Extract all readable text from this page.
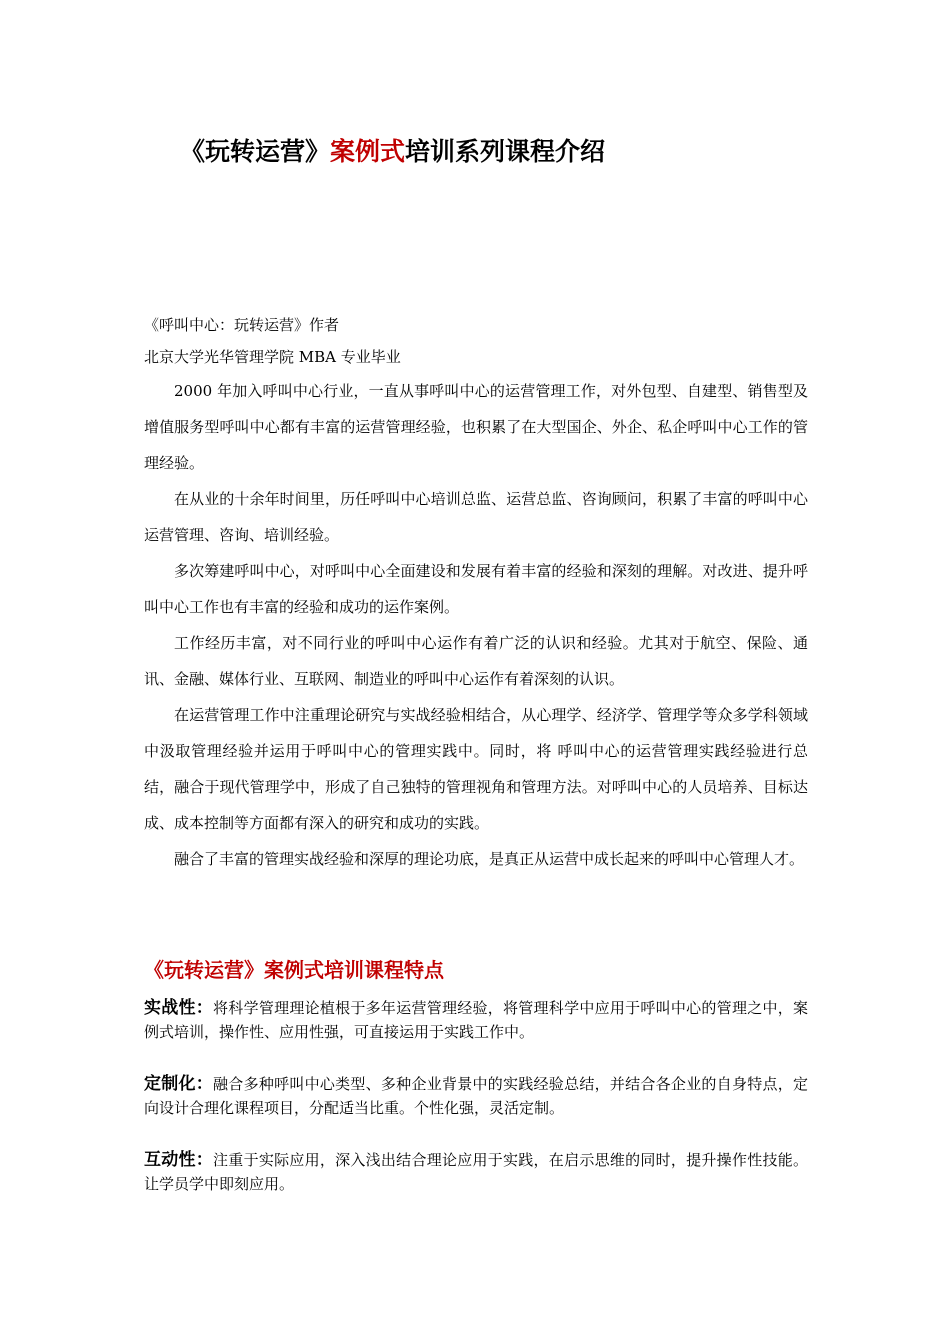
《玩转运营》案例式培训系列课程介绍

《呼叫中心：玩转运营》作者

北京大学光华管理学院 MBA 专业毕业

2000 年加入呼叫中心行业，一直从事呼叫中心的运营管理工作，对外包型、自建型、销售型及增值服务型呼叫中心都有丰富的运营管理经验，也积累了在大型国企、外企、私企呼叫中心工作的管理经验。

在从业的十余年时间里，历任呼叫中心培训总监、运营总监、咨询顾问，积累了丰富的呼叫中心运营管理、咨询、培训经验。

多次筹建呼叫中心，对呼叫中心全面建设和发展有着丰富的经验和深刻的理解。对改进、提升呼叫中心工作也有丰富的经验和成功的运作案例。

工作经历丰富，对不同行业的呼叫中心运作有着广泛的认识和经验。尤其对于航空、保险、通讯、金融、媒体行业、互联网、制造业的呼叫中心运作有着深刻的认识。

在运营管理工作中注重理论研究与实战经验相结合，从心理学、经济学、管理学等众多学科领域中汲取管理经验并运用于呼叫中心的管理实践中。同时，将 呼叫中心的运营管理实践经验进行总结，融合于现代管理学中，形成了自己独特的管理视角和管理方法。对呼叫中心的人员培养、目标达成、成本控制等方面都有深入的研究和成功的实践。

融合了丰富的管理实战经验和深厚的理论功底，是真正从运营中成长起来的呼叫中心管理人才。

《玩转运营》案例式培训课程特点

实战性：将科学管理理论植根于多年运营管理经验，将管理科学中应用于呼叫中心的管理之中，案例式培训，操作性、应用性强，可直接运用于实践工作中。

定制化：融合多种呼叫中心类型、多种企业背景中的实践经验总结，并结合各企业的自身特点，定向设计合理化课程项目，分配适当比重。个性化强，灵活定制。

互动性：注重于实际应用，深入浅出结合理论应用于实践，在启示思维的同时，提升操作性技能。让学员学中即刻应用。
